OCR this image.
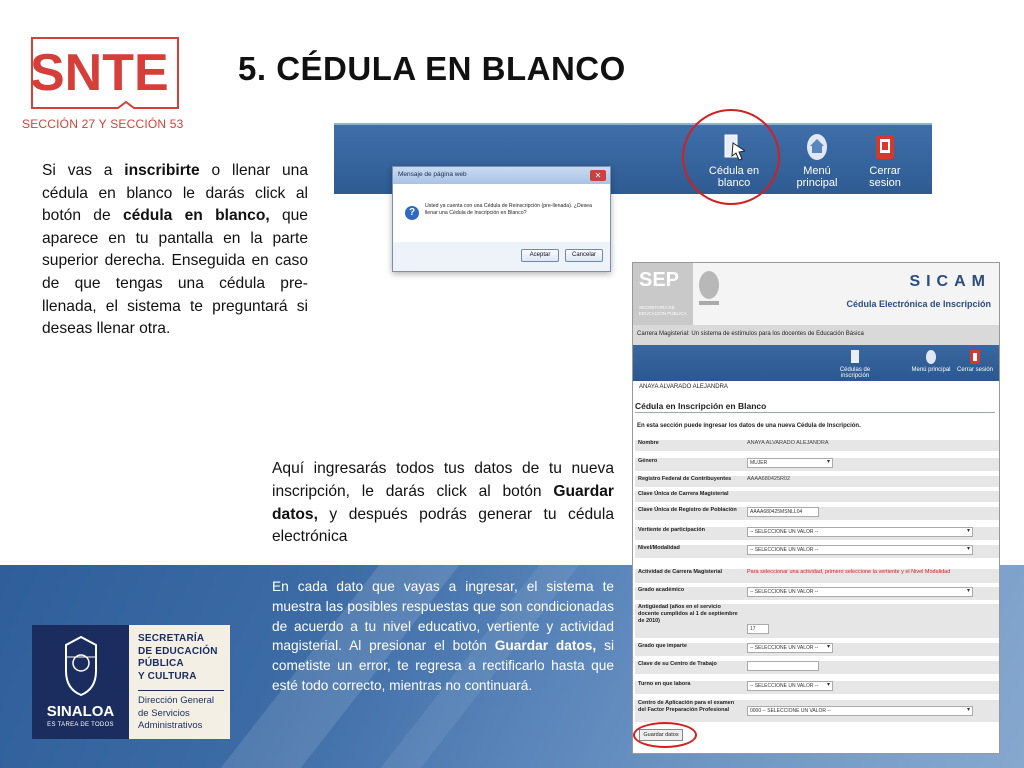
SNTE
SECCIÓN 27 Y SECCIÓN 53
5. CÉDULA EN BLANCO
Si vas a inscribirte o llenar una cédula en blanco le darás click al botón de cédula en blanco, que aparece en tu pantalla en la parte superior derecha. Enseguida en caso de que tengas una cédula pre-llenada, el sistema te preguntará si deseas llenar otra.
Cédula en blanco
Menú principal
Cerrar sesion
Mensaje de página web	✕
?
Usted ya cuenta con una Cédula de Reinscripción (pre-llenada). ¿Desea llenar una Cédula de Inscripción en Blanco?
Aceptar	Cancelar
SEP
SECRETARÍA DE EDUCACIÓN PÚBLICA
SICAM
Cédula Electrónica de Inscripción
Carrera Magisterial: Un sistema de estímulos para los docentes de Educación Básica
Cédulas de inscripción
Menú principal	Cerrar sesión
ANAYA ALVARADO ALEJANDRA
Cédula en Inscripción en Blanco
En esta sección puede ingresar los datos de una nueva Cédula de Inscripción.
Nombre	ANAYA ALVARADO ALEJANDRA
Género	MUJER ▾
Registro Federal de Contribuyentes	AAAA680425R02
Clave Única de Carrera Magisterial
Clave Única de Registro de Población	AAAA680425MSNLL04
Vertiente de participación	-- SELECCIONE UN VALOR -- ▾
Nivel/Modalidad	-- SELECCIONE UN VALOR -- ▾
Actividad de Carrera Magisterial	Para seleccionar una actividad, primero seleccione la vertiente y el Nivel Modalidad
Grado académico	-- SELECCIONE UN VALOR -- ▾
Antigüedad (años en el servicio docente cumplidos al 1 de septiembre de 2010)
17
Grado que imparte	-- SELECCIONE UN VALOR -- ▾
Clave de su Centro de Trabajo
Turno en que labora	-- SELECCIONE UN VALOR -- ▾
Centro de Aplicación para el examen del Factor Preparación Profesional	0000 -- SELECCIONE UN VALOR -- ▾
Guardar datos
Aquí ingresarás todos tus datos de tu nueva inscripción, le darás click al botón Guardar datos, y después podrás generar tu cédula electrónica
En cada dato que vayas a ingresar, el sistema te muestra las posibles respuestas que son condicionadas de acuerdo a tu nivel educativo, vertiente y actividad magisterial. Al presionar el botón Guardar datos, si cometiste un error, te regresa a rectificarlo hasta que esté todo correcto, mientras no continuará.
SINALOA
ES TAREA DE TODOS
SECRETARÍA
DE EDUCACIÓN
PÚBLICA
Y CULTURA
Dirección General
de Servicios
Administrativos
